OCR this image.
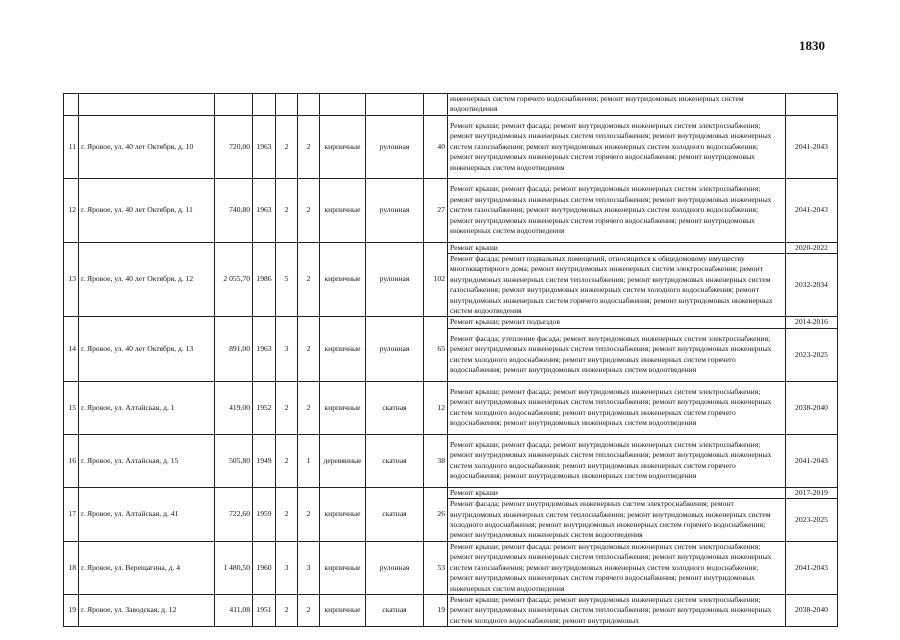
1830
									инженерных систем горячего водоснабжения; ремонт внутридомовых инженерных систем водоотведения	
11	г. Яровое, ул. 40 лет Октября, д. 10	720,00	1963	2	2	кирпичные	рулонная	40	Ремонт крыши; ремонт фасада; ремонт внутридомовых инженерных систем электроснабжения; ремонт внутридомовых инженерных систем теплоснабжения; ремонт внутридомовых инженерных систем газоснабжения; ремонт внутридомовых инженерных систем холодного водоснабжения; ремонт внутридомовых инженерных систем горячего водоснабжения; ремонт внутридомовых инженерных систем водоотведения	2041-2043
12	г. Яровое, ул. 40 лет Октября, д. 11	740,80	1963	2	2	кирпичные	рулонная	27	Ремонт крыши; ремонт фасада; ремонт внутридомовых инженерных систем электроснабжения; ремонт внутридомовых инженерных систем теплоснабжения; ремонт внутридомовых инженерных систем газоснабжения; ремонт внутридомовых инженерных систем холодного водоснабжения; ремонт внутридомовых инженерных систем горячего водоснабжения; ремонт внутридомовых инженерных систем водоотведения	2041-2043
13	г. Яровое, ул. 40 лет Октября, д. 12	2 055,70	1986	5	2	кирпичные	рулонная	102	Ремонт крыши	2020-2022
									Ремонт фасада; ремонт подвальных помещений, относящихся к общедомовому имуществу многоквартирного дома; ремонт внутридомовых инженерных систем электроснабжения; ремонт внутридомовых инженерных систем теплоснабжения; ремонт внутридомовых инженерных систем газоснабжения; ремонт внутридомовых инженерных систем холодного водоснабжения; ремонт внутридомовых инженерных систем горячего водоснабжения; ремонт внутридомовых инженерных систем водоотведения	2032-2034
14	г. Яровое, ул. 40 лет Октября, д. 13	891,00	1963	3	2	кирпичные	рулонная	65	Ремонт крыши; ремонт подъездов	2014-2016
									Ремонт фасада; утепление фасада; ремонт внутридомовых инженерных систем электроснабжения; ремонт внутридомовых инженерных систем теплоснабжения; ремонт внутридомовых инженерных систем холодного водоснабжения; ремонт внутридомовых инженерных систем горячего водоснабжения; ремонт внутридомовых инженерных систем водоотведения	2023-2025
15	г. Яровое, ул. Алтайская, д. 1	419,00	1952	2	2	кирпичные	скатная	12	Ремонт крыши; ремонт фасада; ремонт внутридомовых инженерных систем электроснабжения; ремонт внутридомовых инженерных систем теплоснабжения; ремонт внутридомовых инженерных систем холодного водоснабжения; ремонт внутридомовых инженерных систем горячего водоснабжения; ремонт внутридомовых инженерных систем водоотведения	2038-2040
16	г. Яровое, ул. Алтайская, д. 15	505,80	1949	2	1	деревянные	скатная	38	Ремонт крыши; ремонт фасада; ремонт внутридомовых инженерных систем электроснабжения; ремонт внутридомовых инженерных систем теплоснабжения; ремонт внутридомовых инженерных систем холодного водоснабжения; ремонт внутридомовых инженерных систем горячего водоснабжения; ремонт внутридомовых инженерных систем водоотведения	2041-2043
17	г. Яровое, ул. Алтайская, д. 41	722,60	1959	2	2	кирпичные	скатная	26	Ремонт крыши	2017-2019
									Ремонт фасада; ремонт внутридомовых инженерных систем электроснабжения; ремонт внутридомовых инженерных систем теплоснабжения; ремонт внутридомовых инженерных систем холодного водоснабжения; ремонт внутридомовых инженерных систем горячего водоснабжения; ремонт внутридомовых инженерных систем водоотведения	2023-2025
18	г. Яровое, ул. Верещагина, д. 4	1 480,50	1960	3	3	кирпичные	рулонная	53	Ремонт крыши; ремонт фасада; ремонт внутридомовых инженерных систем электроснабжения; ремонт внутридомовых инженерных систем теплоснабжения; ремонт внутридомовых инженерных систем газоснабжения; ремонт внутридомовых инженерных систем холодного водоснабжения; ремонт внутридомовых инженерных систем горячего водоснабжения; ремонт внутридомовых инженерных систем водоотведения	2041-2043
19	г. Яровое, ул. Заводская, д. 12	411,08	1951	2	2	кирпичные	скатная	19	Ремонт крыши; ремонт фасада; ремонт внутридомовых инженерных систем электроснабжения; ремонт внутридомовых инженерных систем теплоснабжения; ремонт внутридомовых инженерных систем холодного водоснабжения; ремонт внутридомовых	2038-2040
